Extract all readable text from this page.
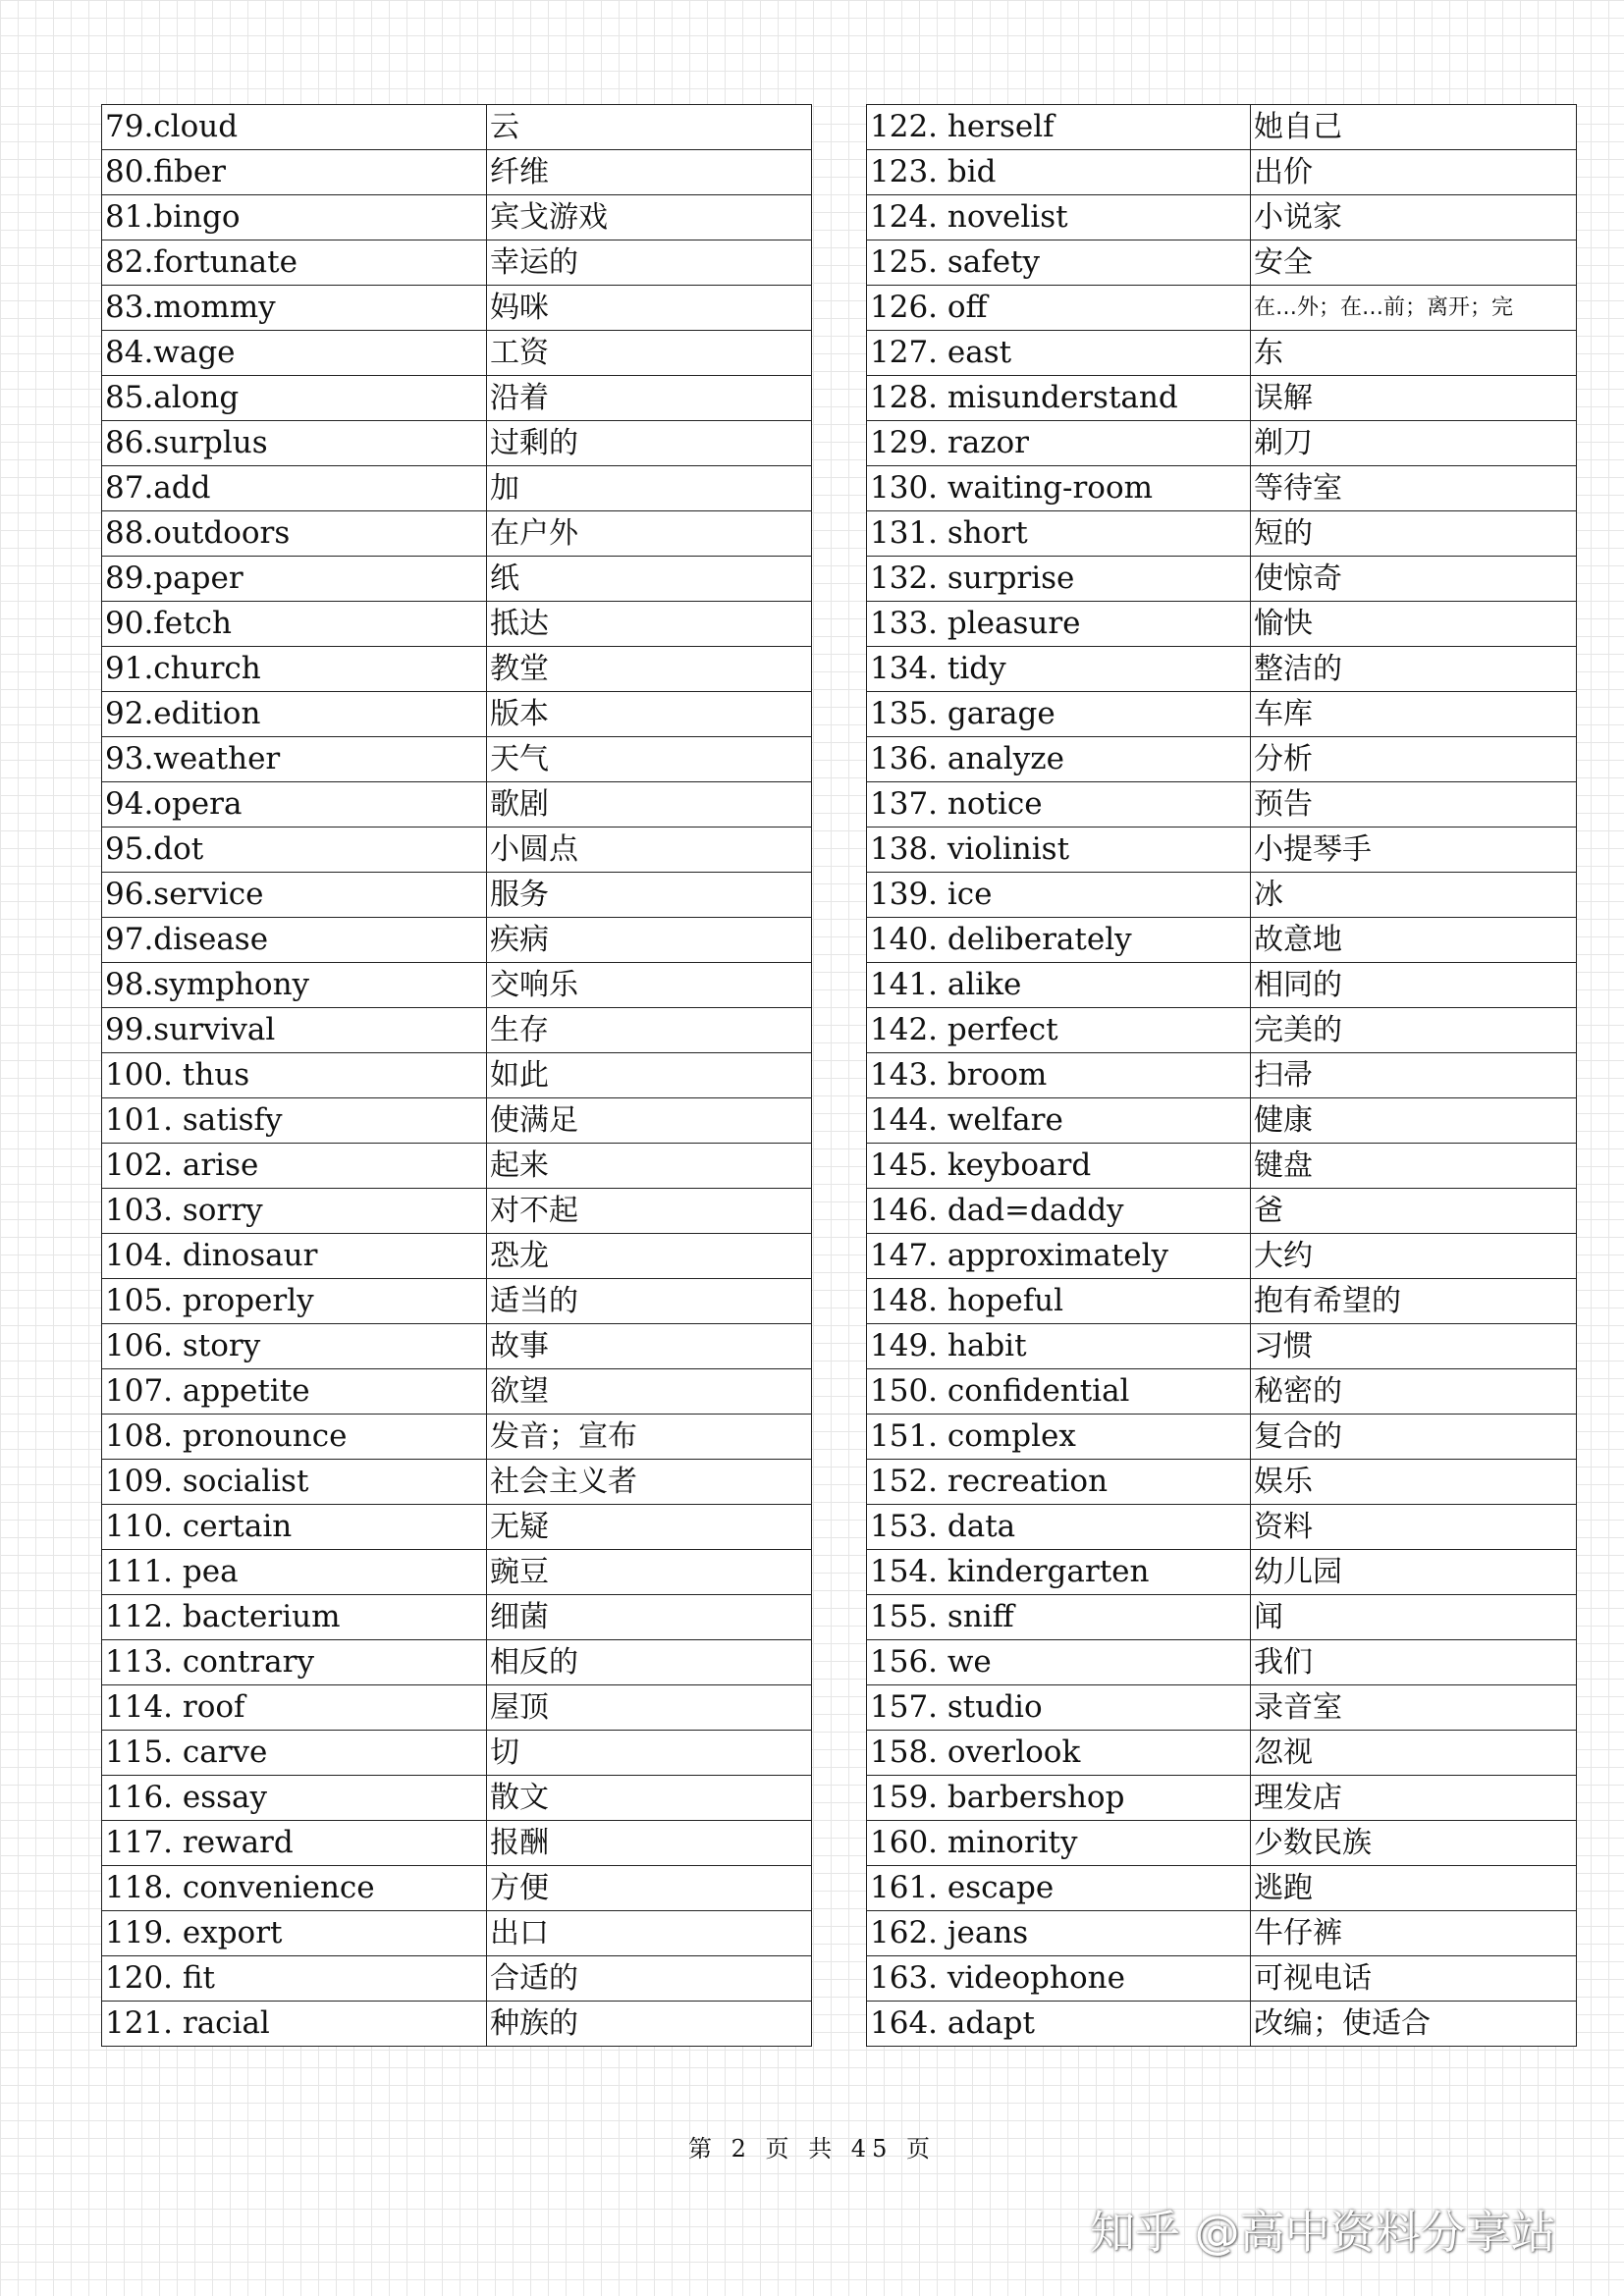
79.cloud	云
80.fiber	纤维
81.bingo	宾戈游戏
82.fortunate	幸运的
83.mommy	妈咪
84.wage	工资
85.along	沿着
86.surplus	过剩的
87.add	加
88.outdoors	在户外
89.paper	纸
90.fetch	抵达
91.church	教堂
92.edition	版本
93.weather	天气
94.opera	歌剧
95.dot	小圆点
96.service	服务
97.disease	疾病
98.symphony	交响乐
99.survival	生存
100. thus	如此
101. satisfy	使满足
102. arise	起来
103. sorry	对不起
104. dinosaur	恐龙
105. properly	适当的
106. story	故事
107. appetite	欲望
108. pronounce	发音；宣布
109. socialist	社会主义者
110. certain	无疑
111. pea	豌豆
112. bacterium	细菌
113. contrary	相反的
114. roof	屋顶
115. carve	切
116. essay	散文
117. reward	报酬
118. convenience	方便
119. export	出口
120. fit	合适的
121. racial	种族的
122. herself	她自己
123. bid	出价
124. novelist	小说家
125. safety	安全
126. off	在…外；在…前；离开；完
127. east	东
128. misunderstand	误解
129. razor	剃刀
130. waiting-room	等待室
131. short	短的
132. surprise	使惊奇
133. pleasure	愉快
134. tidy	整洁的
135. garage	车库
136. analyze	分析
137. notice	预告
138. violinist	小提琴手
139. ice	冰
140. deliberately	故意地
141. alike	相同的
142. perfect	完美的
143. broom	扫帚
144. welfare	健康
145. keyboard	键盘
146. dad=daddy	爸
147. approximately	大约
148. hopeful	抱有希望的
149. habit	习惯
150. confidential	秘密的
151. complex	复合的
152. recreation	娱乐
153. data	资料
154. kindergarten	幼儿园
155. sniff	闻
156. we	我们
157. studio	录音室
158. overlook	忽视
159. barbershop	理发店
160. minority	少数民族
161. escape	逃跑
162. jeans	牛仔裤
163. videophone	可视电话
164. adapt	改编；使适合
第 2 页 共 45 页
知乎 @高中资料分享站
